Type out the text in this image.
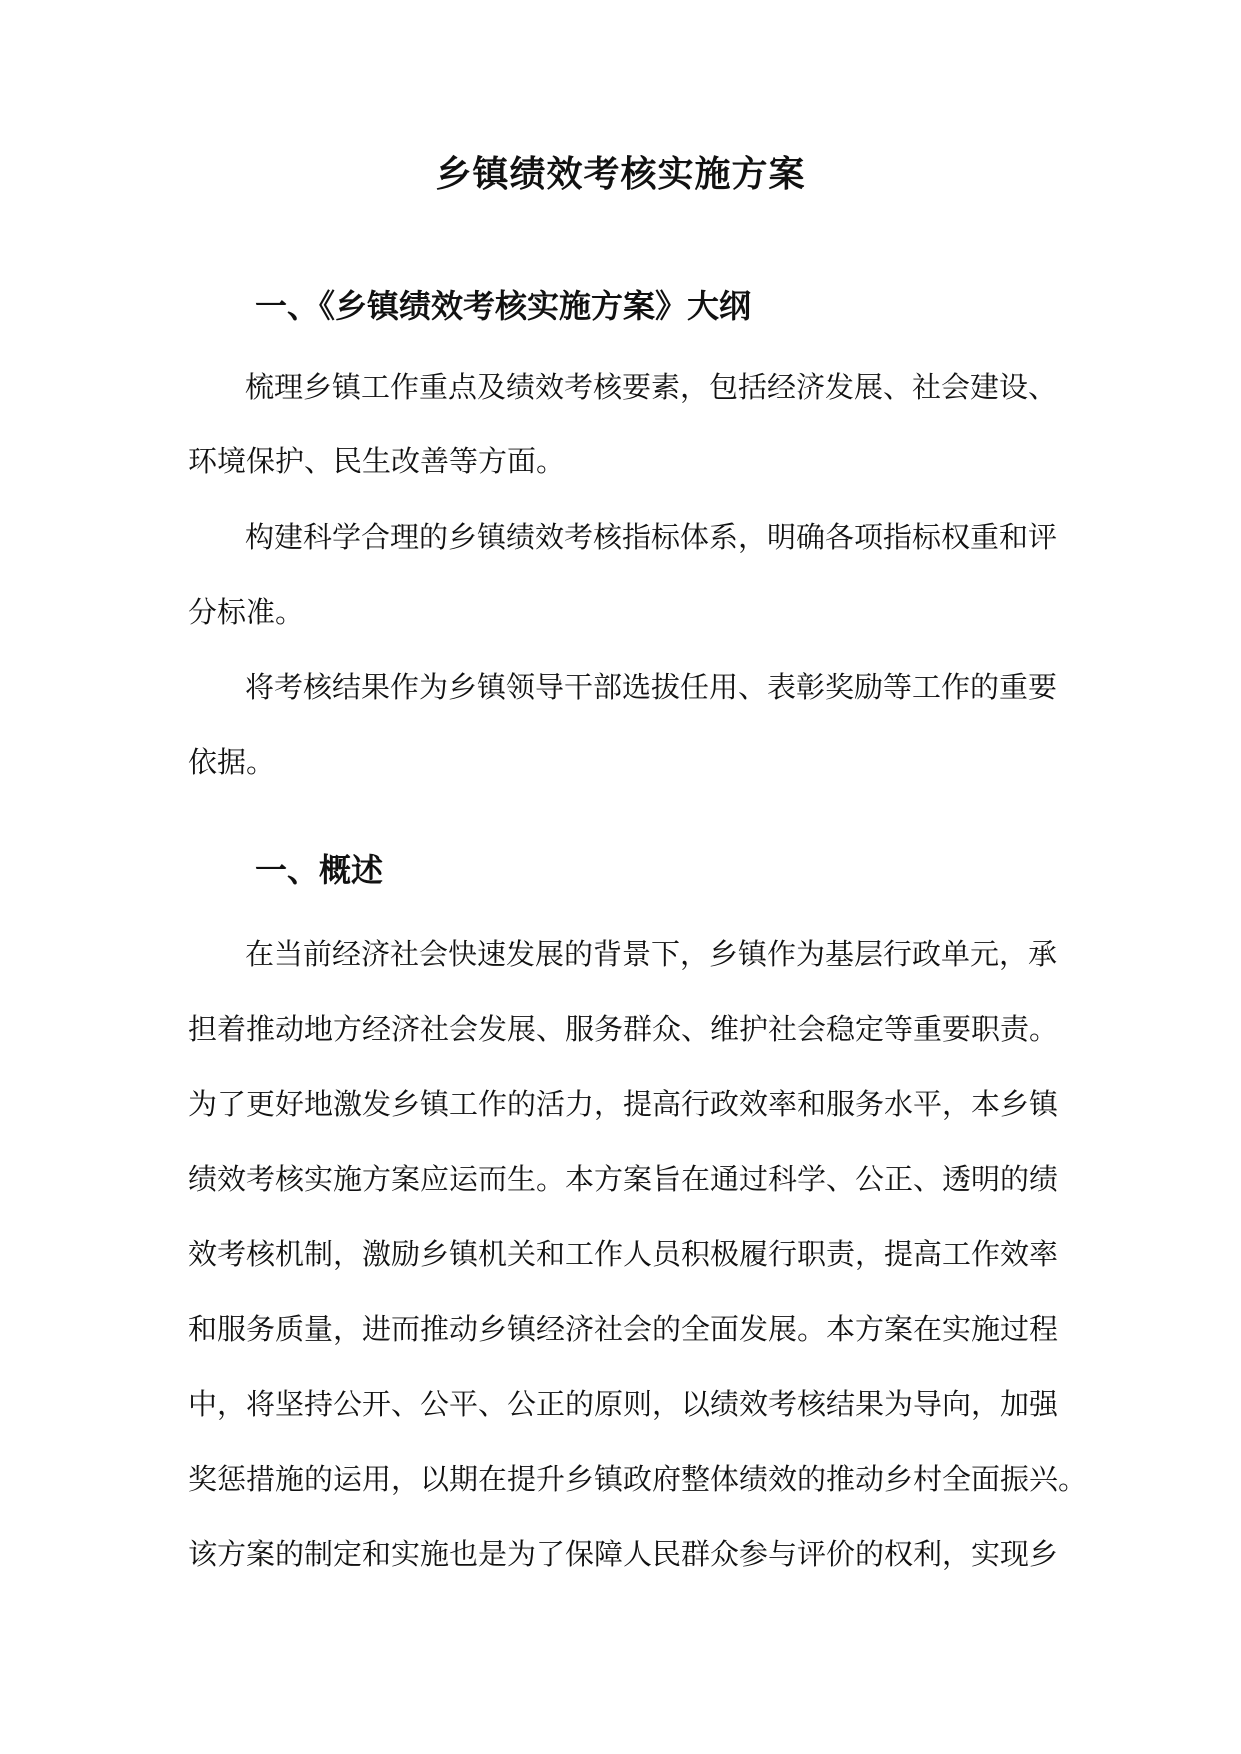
乡镇绩效考核实施方案
一、《乡镇绩效考核实施方案》大纲

梳理乡镇工作重点及绩效考核要素，包括经济发展、社会建设、

环境保护、民生改善等方面。

构建科学合理的乡镇绩效考核指标体系，明确各项指标权重和评

分标准。

将考核结果作为乡镇领导干部选拔任用、表彰奖励等工作的重要

依据。

一、概述

在当前经济社会快速发展的背景下，乡镇作为基层行政单元，承

担着推动地方经济社会发展、服务群众、维护社会稳定等重要职责。

为了更好地激发乡镇工作的活力，提高行政效率和服务水平，本乡镇

绩效考核实施方案应运而生。本方案旨在通过科学、公正、透明的绩

效考核机制，激励乡镇机关和工作人员积极履行职责，提高工作效率

和服务质量，进而推动乡镇经济社会的全面发展。本方案在实施过程

中，将坚持公开、公平、公正的原则，以绩效考核结果为导向，加强

奖惩措施的运用，以期在提升乡镇政府整体绩效的推动乡村全面振兴。

该方案的制定和实施也是为了保障人民群众参与评价的权利，实现乡
